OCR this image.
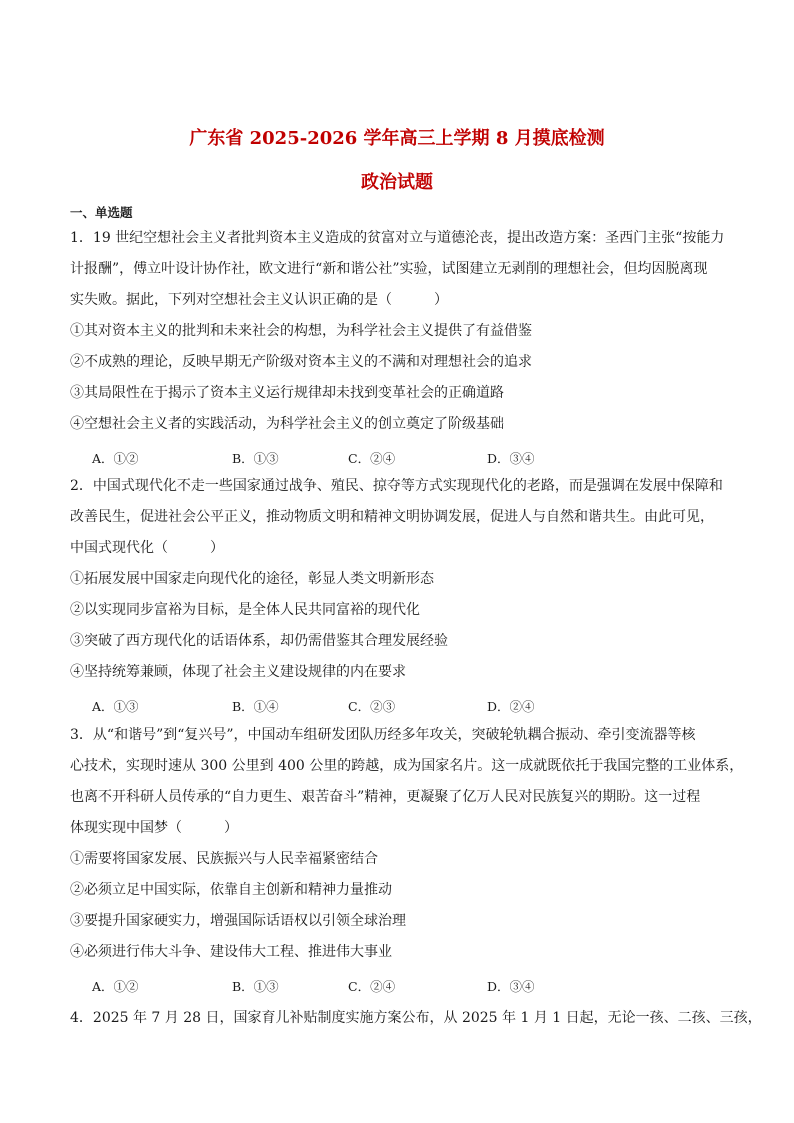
广东省 2025-2026 学年高三上学期 8 月摸底检测
政治试题
一、单选题
1．19 世纪空想社会主义者批判资本主义造成的贫富对立与道德沦丧，提出改造方案：圣西门主张“按能力
计报酬”，傅立叶设计协作社，欧文进行“新和谐公社”实验，试图建立无剥削的理想社会，但均因脱离现
实失败。据此，下列对空想社会主义认识正确的是（　　　）
①其对资本主义的批判和未来社会的构想，为科学社会主义提供了有益借鉴
②不成熟的理论，反映早期无产阶级对资本主义的不满和对理想社会的追求
③其局限性在于揭示了资本主义运行规律却未找到变革社会的正确道路
④空想社会主义者的实践活动，为科学社会主义的创立奠定了阶级基础
A．①②	B．①③	C．②④	D．③④
2．中国式现代化不走一些国家通过战争、殖民、掠夺等方式实现现代化的老路，而是强调在发展中保障和
改善民生，促进社会公平正义，推动物质文明和精神文明协调发展，促进人与自然和谐共生。由此可见，
中国式现代化（　　　）
①拓展发展中国家走向现代化的途径，彰显人类文明新形态
②以实现同步富裕为目标，是全体人民共同富裕的现代化
③突破了西方现代化的话语体系，却仍需借鉴其合理发展经验
④坚持统筹兼顾，体现了社会主义建设规律的内在要求
A．①③	B．①④	C．②③	D．②④
3．从“和谐号”到“复兴号”，中国动车组研发团队历经多年攻关，突破轮轨耦合振动、牵引变流器等核
心技术，实现时速从 300 公里到 400 公里的跨越，成为国家名片。这一成就既依托于我国完整的工业体系，
也离不开科研人员传承的“自力更生、艰苦奋斗”精神，更凝聚了亿万人民对民族复兴的期盼。这一过程
体现实现中国梦（　　　）
①需要将国家发展、民族振兴与人民幸福紧密结合
②必须立足中国实际，依靠自主创新和精神力量推动
③要提升国家硬实力，增强国际话语权以引领全球治理
④必须进行伟大斗争、建设伟大工程、推进伟大事业
A．①②	B．①③	C．②④	D．③④
4．2025 年 7 月 28 日，国家育儿补贴制度实施方案公布，从 2025 年 1 月 1 日起，无论一孩、二孩、三孩，
